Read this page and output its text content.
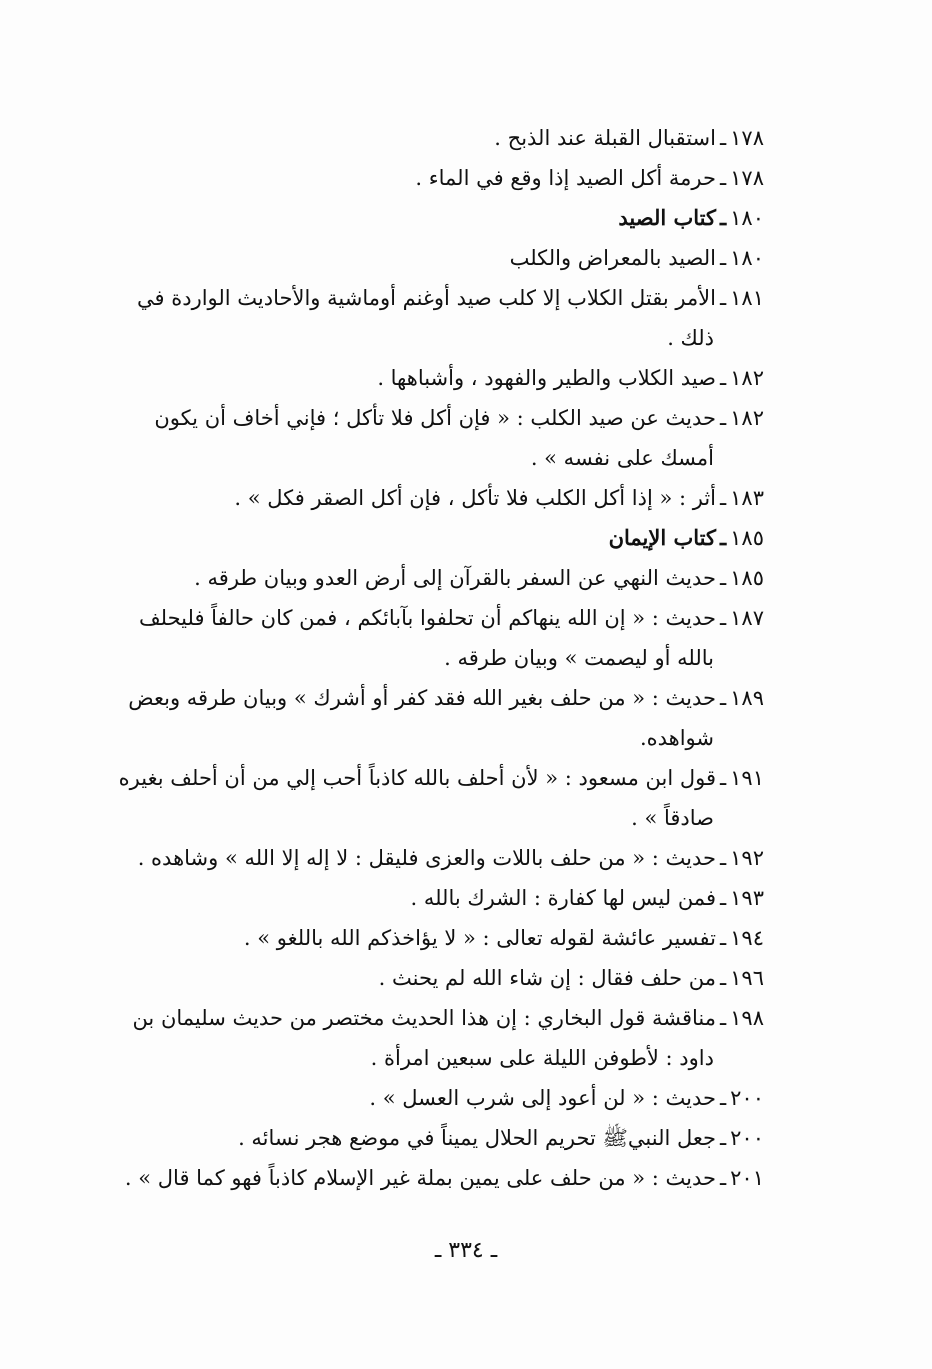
١٧٨ـاستقبال القبلة عند الذبح .
١٧٨ـحرمة أكل الصيد إذا وقع في الماء .
١٨٠ـكتاب الصيد
١٨٠ـالصيد بالمعراض والكلب
١٨١ـالأمر بقتل الكلاب إلا كلب صيد أوغنم أوماشية والأحاديث الواردة في
ذلك .
١٨٢ـصيد الكلاب والطير والفهود ، وأشباهها .
١٨٢ـحديث عن صيد الكلب : « فإن أكل فلا تأكل ؛ فإني أخاف أن يكون
أمسك على نفسه » .
١٨٣ـأثر : « إذا أكل الكلب فلا تأكل ، فإن أكل الصقر فكل » .
١٨٥ـكتاب الإيمان
١٨٥ـحديث النهي عن السفر بالقرآن إلى أرض العدو وبيان طرقه .
١٨٧ـحديث : « إن الله ينهاكم أن تحلفوا بآبائكم ، فمن كان حالفاً فليحلف
بالله أو ليصمت » وبيان طرقه .
١٨٩ـحديث : « من حلف بغير الله فقد كفر أو أشرك » وبيان طرقه وبعض
شواهده.
١٩١ـقول ابن مسعود : « لأن أحلف بالله كاذباً أحب إلي من أن أحلف بغيره
صادقاً » .
١٩٢ـحديث : « من حلف باللات والعزى فليقل : لا إله إلا الله » وشاهده .
١٩٣ـفمن ليس لها كفارة : الشرك بالله .
١٩٤ـتفسير عائشة لقوله تعالى : « لا يؤاخذكم الله باللغو » .
١٩٦ـمن حلف فقال : إن شاء الله لم يحنث .
١٩٨ـمناقشة قول البخاري : إن هذا الحديث مختصر من حديث سليمان بن
داود : لأطوفن الليلة على سبعين امرأة .
٢٠٠ـحديث : « لن أعود إلى شرب العسل » .
٢٠٠ـجعل النبيﷺ تحريم الحلال يميناً في موضع هجر نسائه .
٢٠١ـحديث : « من حلف على يمين بملة غير الإسلام كاذباً فهو كما قال » .
ـ ٣٣٤ ـ
